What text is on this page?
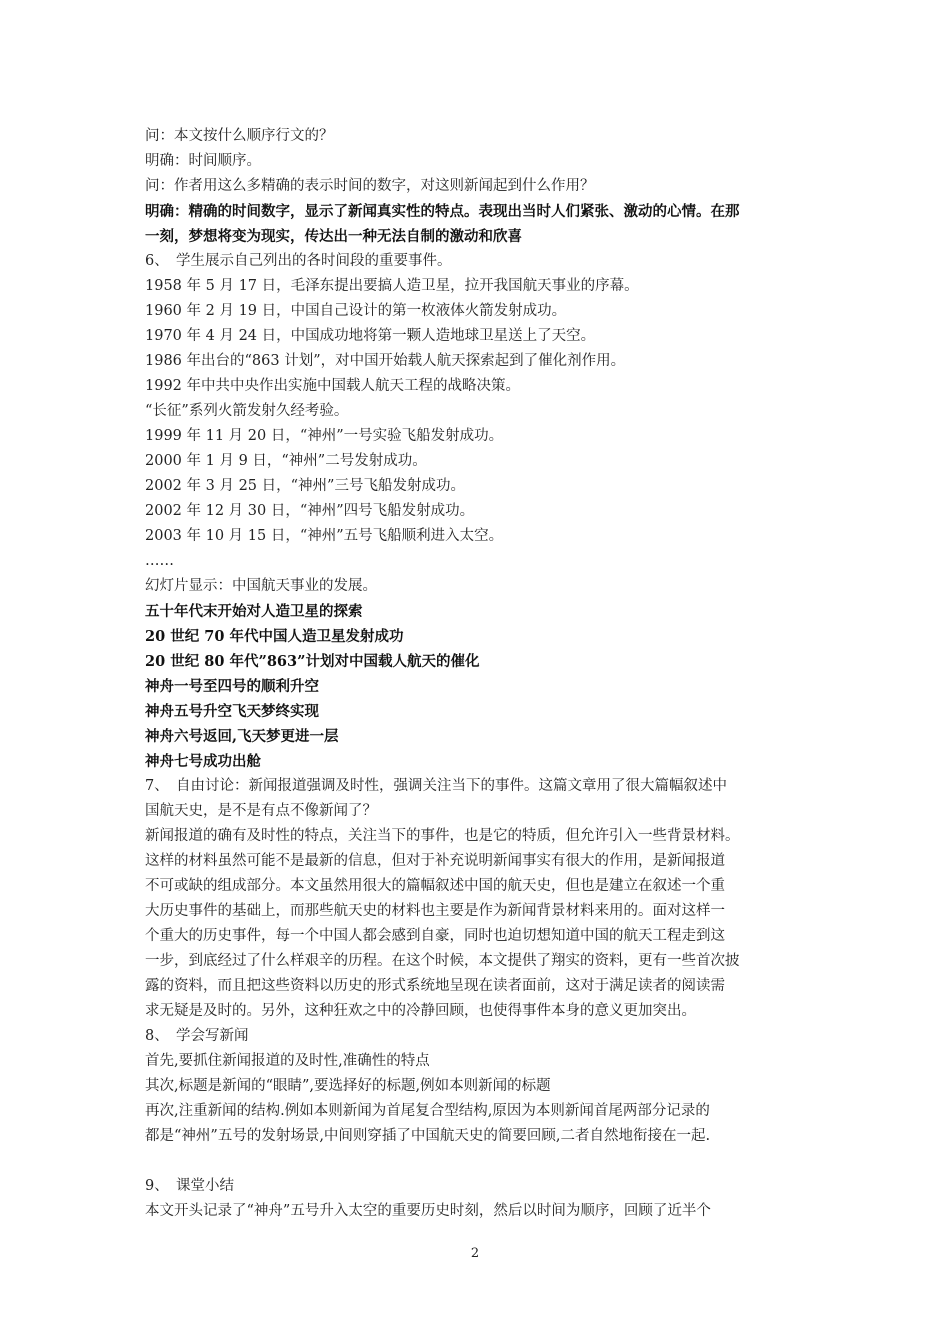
问：本文按什么顺序行文的？

明确：时间顺序。

问：作者用这么多精确的表示时间的数字，对这则新闻起到什么作用？

明确：精确的时间数字，显示了新闻真实性的特点。表现出当时人们紧张、激动的心情。在那

一刻，梦想将变为现实，传达出一种无法自制的激动和欣喜

6、　学生展示自己列出的各时间段的重要事件。

1958 年 5 月 17 日，毛泽东提出要搞人造卫星，拉开我国航天事业的序幕。

1960 年 2 月 19 日，中国自己设计的第一枚液体火箭发射成功。

1970 年 4 月 24 日，中国成功地将第一颗人造地球卫星送上了天空。

1986 年出台的“863 计划”，对中国开始载人航天探索起到了催化剂作用。

1992 年中共中央作出实施中国载人航天工程的战略决策。

“长征”系列火箭发射久经考验。

1999 年 11 月 20 日，“神州”一号实验飞船发射成功。

2000 年 1 月 9 日，“神州”二号发射成功。

2002 年 3 月 25 日，“神州”三号飞船发射成功。

2002 年 12 月 30 日，“神州”四号飞船发射成功。

2003 年 10 月 15 日，“神州”五号飞船顺利进入太空。

……

幻灯片显示：中国航天事业的发展。

五十年代末开始对人造卫星的探索

20 世纪 70 年代中国人造卫星发射成功

20 世纪 80 年代”863”计划对中国载人航天的催化

神舟一号至四号的顺利升空

神舟五号升空飞天梦终实现

神舟六号返回,飞天梦更进一层

神舟七号成功出舱

7、　自由讨论：新闻报道强调及时性，强调关注当下的事件。这篇文章用了很大篇幅叙述中

国航天史，是不是有点不像新闻了？

新闻报道的确有及时性的特点，关注当下的事件，也是它的特质，但允许引入一些背景材料。

这样的材料虽然可能不是最新的信息，但对于补充说明新闻事实有很大的作用，是新闻报道

不可或缺的组成部分。本文虽然用很大的篇幅叙述中国的航天史，但也是建立在叙述一个重

大历史事件的基础上，而那些航天史的材料也主要是作为新闻背景材料来用的。面对这样一

个重大的历史事件，每一个中国人都会感到自豪，同时也迫切想知道中国的航天工程走到这

一步，到底经过了什么样艰辛的历程。在这个时候，本文提供了翔实的资料，更有一些首次披

露的资料，而且把这些资料以历史的形式系统地呈现在读者面前，这对于满足读者的阅读需

求无疑是及时的。另外，这种狂欢之中的冷静回顾，也使得事件本身的意义更加突出。

8、　学会写新闻

首先,要抓住新闻报道的及时性,准确性的特点

其次,标题是新闻的“眼睛”,要选择好的标题,例如本则新闻的标题

再次,注重新闻的结构.例如本则新闻为首尾复合型结构,原因为本则新闻首尾两部分记录的

都是“神州”五号的发射场景,中间则穿插了中国航天史的简要回顾,二者自然地衔接在一起.

9、　课堂小结

本文开头记录了“神舟”五号升入太空的重要历史时刻，然后以时间为顺序，回顾了近半个

2
